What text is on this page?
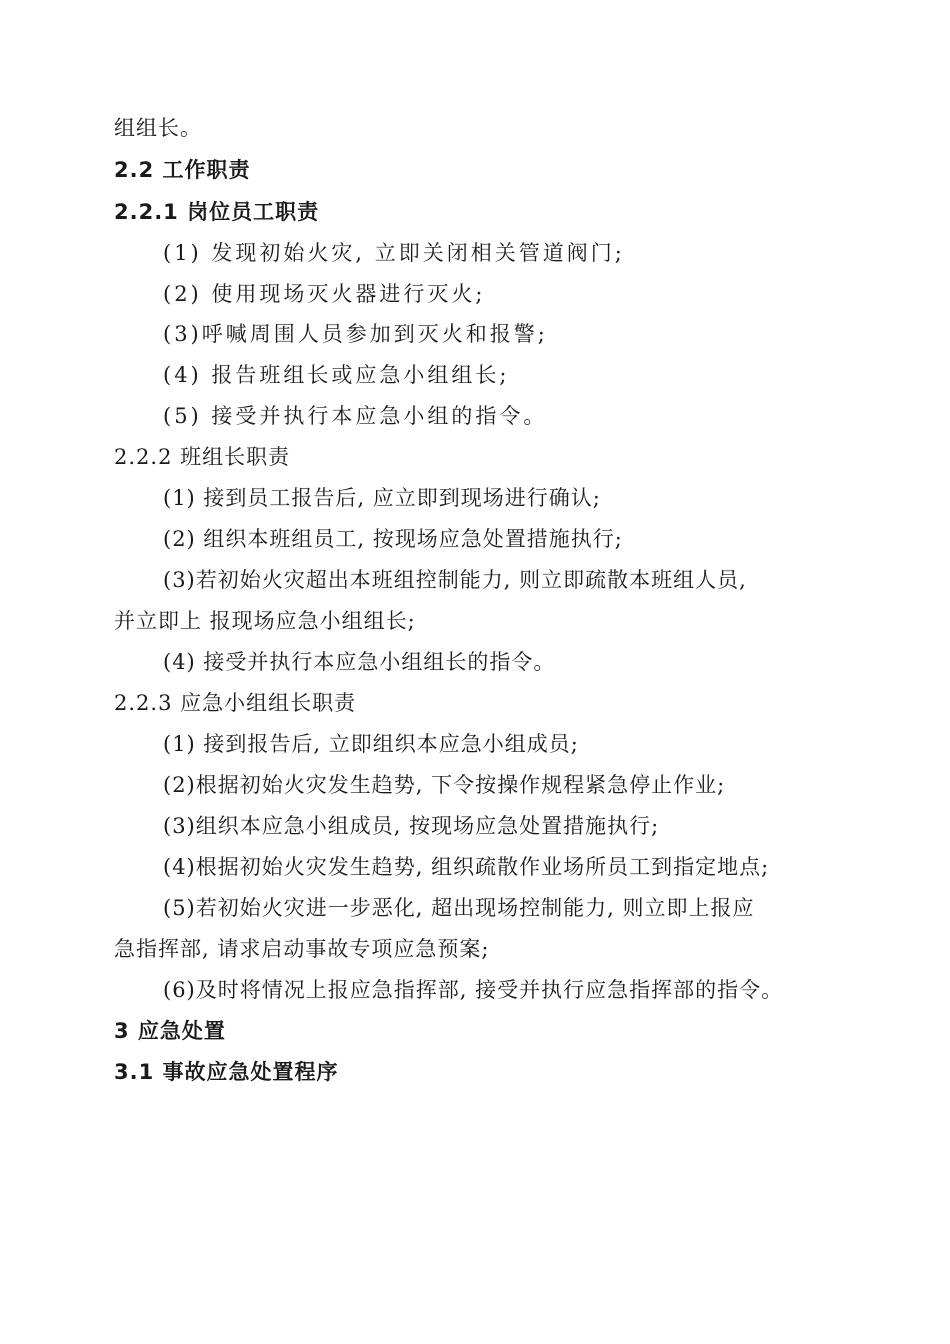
组组长。
2.2 工作职责
2.2.1 岗位员工职责
(1) 发现初始火灾, 立即关闭相关管道阀门;
(2) 使用现场灭火器进行灭火;
(3)呼喊周围人员参加到灭火和报警;
(4) 报告班组长或应急小组组长;
(5) 接受并执行本应急小组的指令。
2.2.2 班组长职责
(1) 接到员工报告后, 应立即到现场进行确认;
(2) 组织本班组员工, 按现场应急处置措施执行;
(3)若初始火灾超出本班组控制能力, 则立即疏散本班组人员,
并立即上 报现场应急小组组长;
(4) 接受并执行本应急小组组长的指令。
2.2.3 应急小组组长职责
(1) 接到报告后, 立即组织本应急小组成员;
(2)根据初始火灾发生趋势, 下令按操作规程紧急停止作业;
(3)组织本应急小组成员, 按现场应急处置措施执行;
(4)根据初始火灾发生趋势, 组织疏散作业场所员工到指定地点;
(5)若初始火灾进一步恶化, 超出现场控制能力, 则立即上报应
急指挥部, 请求启动事故专项应急预案;
(6)及时将情况上报应急指挥部, 接受并执行应急指挥部的指令。
3 应急处置
3.1 事故应急处置程序
